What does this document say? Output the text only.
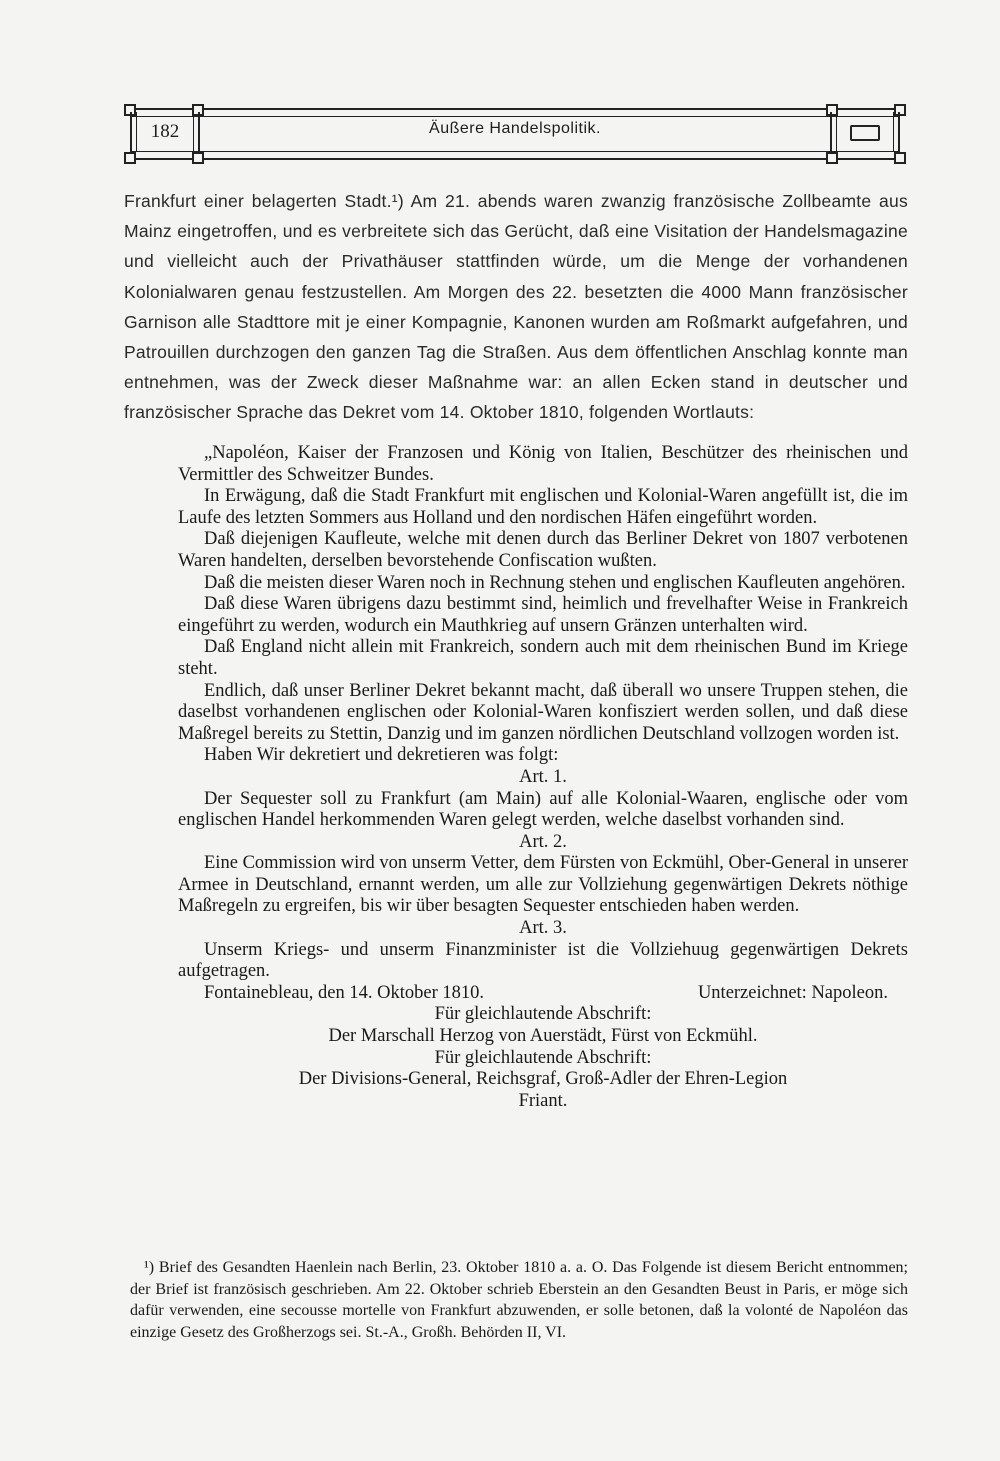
182	Äußere Handelspolitik.

Frankfurt einer belagerten Stadt.¹) Am 21. abends waren zwanzig französische Zollbeamte aus Mainz eingetroffen, und es verbreitete sich das Gerücht, daß eine Visitation der Handelsmagazine und vielleicht auch der Privathäuser stattfinden würde, um die Menge der vorhandenen Kolonialwaren genau festzustellen. Am Morgen des 22. besetzten die 4000 Mann französischer Garnison alle Stadttore mit je einer Kompagnie, Kanonen wurden am Roßmarkt aufgefahren, und Patrouillen durchzogen den ganzen Tag die Straßen. Aus dem öffentlichen Anschlag konnte man entnehmen, was der Zweck dieser Maßnahme war: an allen Ecken stand in deutscher und französischer Sprache das Dekret vom 14. Oktober 1810, folgenden Wortlauts:

„Napoléon, Kaiser der Franzosen und König von Italien, Beschützer des rheinischen und Vermittler des Schweitzer Bundes.

In Erwägung, daß die Stadt Frankfurt mit englischen und Kolonial-Waren angefüllt ist, die im Laufe des letzten Sommers aus Holland und den nordischen Häfen eingeführt worden.

Daß diejenigen Kaufleute, welche mit denen durch das Berliner Dekret von 1807 verbotenen Waren handelten, derselben bevorstehende Confiscation wußten.

Daß die meisten dieser Waren noch in Rechnung stehen und englischen Kaufleuten angehören.

Daß diese Waren übrigens dazu bestimmt sind, heimlich und frevelhafter Weise in Frankreich eingeführt zu werden, wodurch ein Mauthkrieg auf unsern Gränzen unterhalten wird.

Daß England nicht allein mit Frankreich, sondern auch mit dem rheinischen Bund im Kriege steht.

Endlich, daß unser Berliner Dekret bekannt macht, daß überall wo unsere Truppen stehen, die daselbst vorhandenen englischen oder Kolonial-Waren konfisziert werden sollen, und daß diese Maßregel bereits zu Stettin, Danzig und im ganzen nördlichen Deutschland vollzogen worden ist.

Haben Wir dekretiert und dekretieren was folgt:

Art. 1.

Der Sequester soll zu Frankfurt (am Main) auf alle Kolonial-Waaren, englische oder vom englischen Handel herkommenden Waren gelegt werden, welche daselbst vorhanden sind.

Art. 2.

Eine Commission wird von unserm Vetter, dem Fürsten von Eckmühl, Ober-General in unserer Armee in Deutschland, ernannt werden, um alle zur Vollziehung gegenwärtigen Dekrets nöthige Maßregeln zu ergreifen, bis wir über besagten Sequester entschieden haben werden.

Art. 3.

Unserm Kriegs- und unserm Finanzminister ist die Vollziehuug gegenwärtigen Dekrets aufgetragen.

Fontainebleau, den 14. Oktober 1810.	Unterzeichnet: Napoleon.

Für gleichlautende Abschrift:

Der Marschall Herzog von Auerstädt, Fürst von Eckmühl.

Für gleichlautende Abschrift:

Der Divisions-General, Reichsgraf, Groß-Adler der Ehren-Legion

Friant.

¹) Brief des Gesandten Haenlein nach Berlin, 23. Oktober 1810 a. a. O. Das Folgende ist diesem Bericht entnommen; der Brief ist französisch geschrieben. Am 22. Oktober schrieb Eberstein an den Gesandten Beust in Paris, er möge sich dafür verwenden, eine secousse mortelle von Frankfurt abzuwenden, er solle betonen, daß la volonté de Napoléon das einzige Gesetz des Großherzogs sei. St.-A., Großh. Behörden II, VI.
